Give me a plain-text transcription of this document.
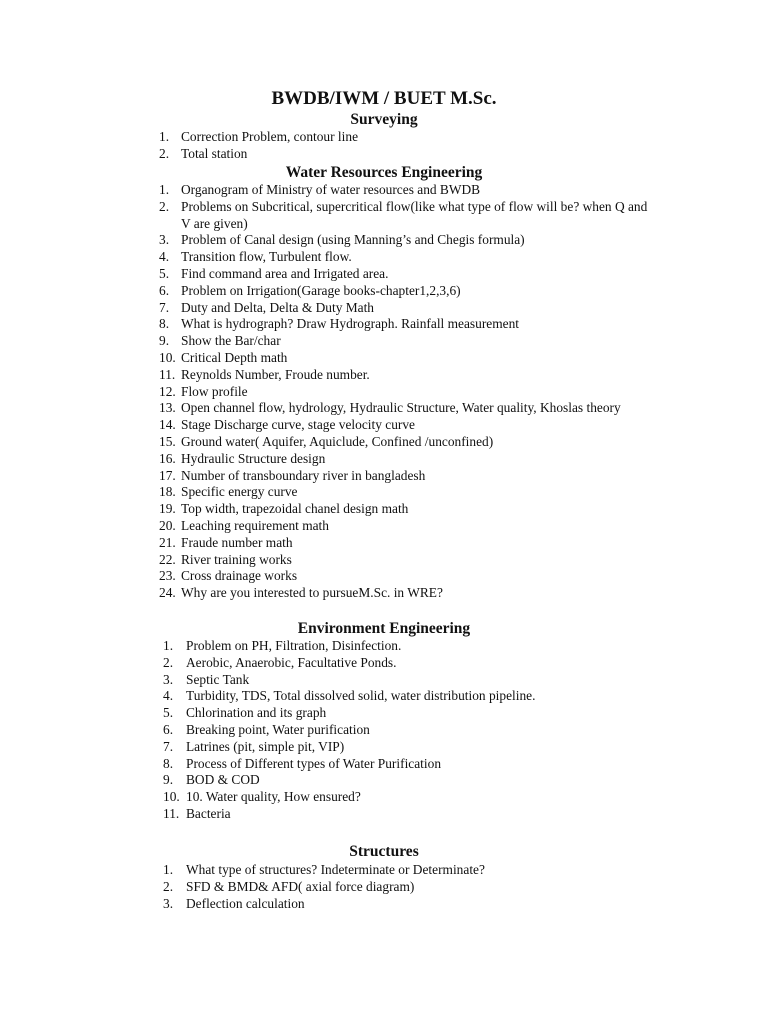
BWDB/IWM / BUET M.Sc.
Surveying
1. Correction Problem, contour line
2. Total station
Water Resources Engineering
1. Organogram of Ministry of water resources and BWDB
2. Problems on Subcritical, supercritical flow(like what type of flow will be? when Q and V are given)
3. Problem of Canal design (using Manning’s and Chegis formula)
4. Transition flow, Turbulent flow.
5. Find command area and Irrigated area.
6. Problem on Irrigation(Garage books-chapter1,2,3,6)
7. Duty and Delta, Delta & Duty Math
8. What is hydrograph? Draw Hydrograph. Rainfall measurement
9. Show the Bar/char
10. Critical Depth math
11. Reynolds Number, Froude number.
12. Flow profile
13. Open channel flow, hydrology, Hydraulic Structure, Water quality, Khoslas theory
14. Stage Discharge curve, stage velocity curve
15. Ground water( Aquifer, Aquiclude, Confined /unconfined)
16. Hydraulic Structure design
17. Number of transboundary river in bangladesh
18. Specific energy curve
19. Top width, trapezoidal chanel design math
20. Leaching requirement math
21. Fraude number math
22. River training works
23. Cross drainage works
24. Why are you interested to pursueM.Sc. in WRE?
Environment Engineering
1. Problem on PH, Filtration, Disinfection.
2. Aerobic, Anaerobic, Facultative Ponds.
3. Septic Tank
4. Turbidity, TDS, Total dissolved solid, water distribution pipeline.
5. Chlorination and its graph
6. Breaking point, Water purification
7. Latrines (pit, simple pit, VIP)
8. Process of Different types of Water Purification
9. BOD & COD
10. 10. Water quality, How ensured?
11. Bacteria
Structures
1. What type of structures? Indeterminate or Determinate?
2. SFD & BMD& AFD( axial force diagram)
3. Deflection calculation
